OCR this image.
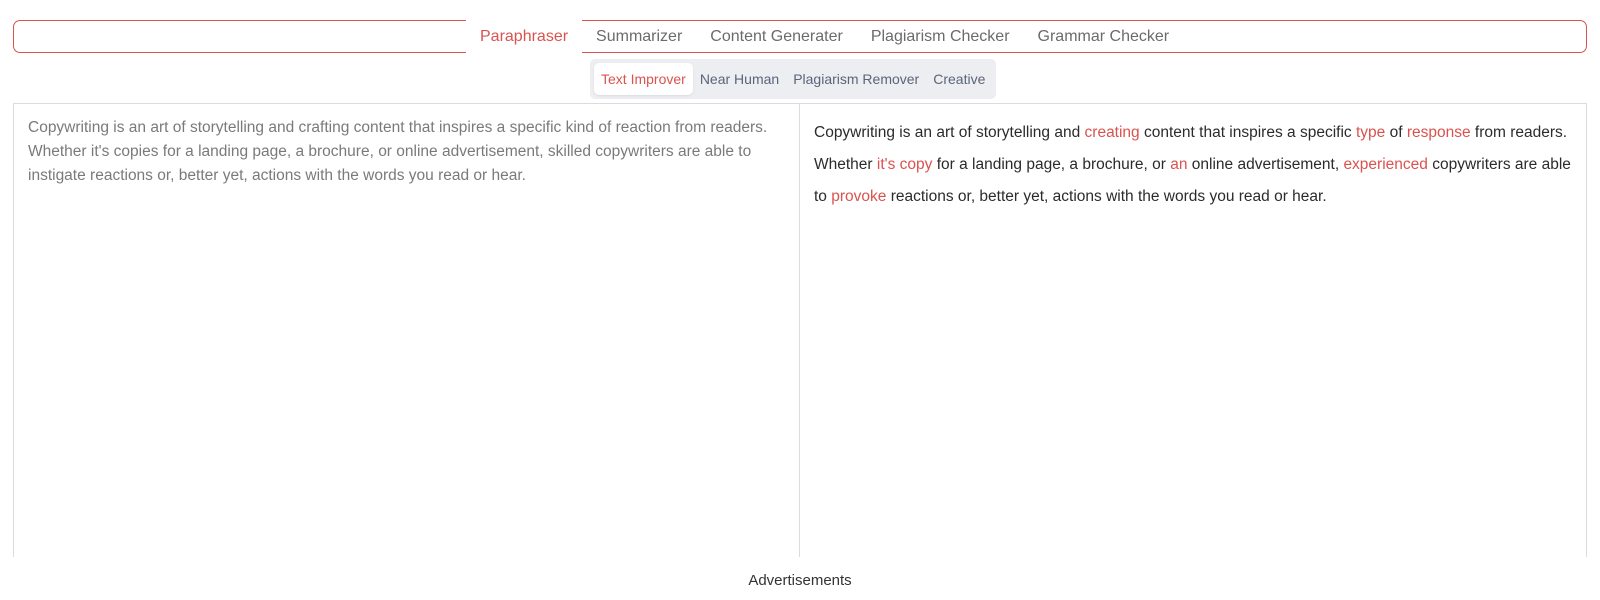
Paraphraser	Summarizer	Content Generater	Plagiarism Checker	Grammar Checker
Text Improver	Near Human	Plagiarism Remover	Creative
Copywriting is an art of storytelling and crafting content that inspires a specific kind of reaction from readers. Whether it's copies for a landing page, a brochure, or online advertisement, skilled copywriters are able to instigate reactions or, better yet, actions with the words you read or hear.
Copywriting is an art of storytelling and creating content that inspires a specific type of response from readers. Whether it's copy for a landing page, a brochure, or an online advertisement, experienced copywriters are able to provoke reactions or, better yet, actions with the words you read or hear.
Advertisements
